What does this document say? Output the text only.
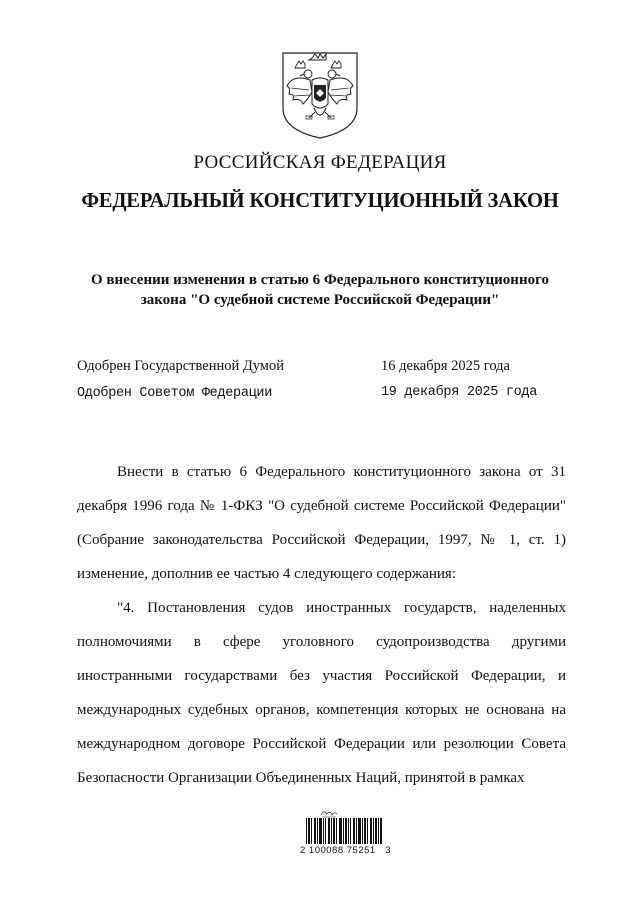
РОССИЙСКАЯ ФЕДЕРАЦИЯ
ФЕДЕРАЛЬНЫЙ КОНСТИТУЦИОННЫЙ ЗАКОН
О внесении изменения в статью 6 Федерального конституционного
закона "О судебной системе Российской Федерации"
Одобрен Государственной Думой	16 декабря 2025 года
Одобрен Советом Федерации	19 декабря 2025 года

Внести в статью 6 Федерального конституционного закона от 31 декабря 1996 года № 1-ФКЗ "О судебной системе Российской Федерации" (Собрание законодательства Российской Федерации, 1997, № 1, ст. 1) изменение, дополнив ее частью 4 следующего содержания:

"4. Постановления судов иностранных государств, наделенных полномочиями в сфере уголовного судопроизводства другими иностранными государствами без участия Российской Федерации, и международных судебных органов, компетенция которых не основана на международном договоре Российской Федерации или резолюции Совета Безопасности Организации Объединенных Наций, принятой в рамках

2 100088 75251   3
